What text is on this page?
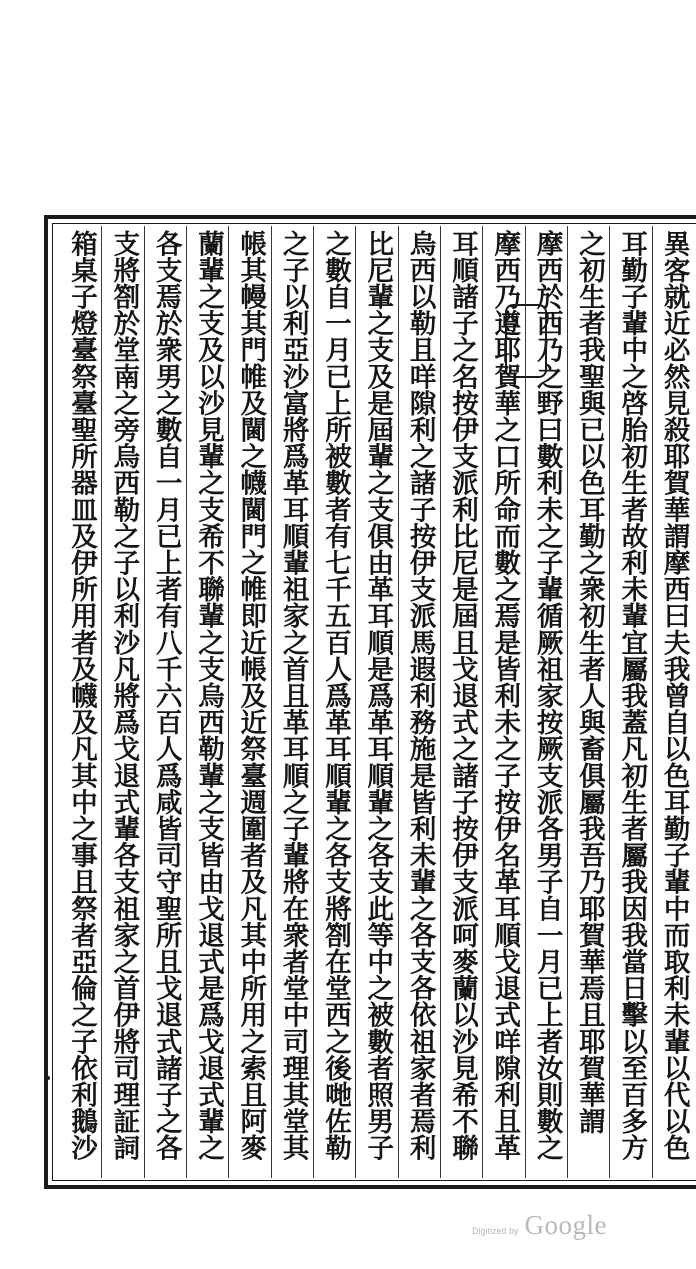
異客就近必然見殺耶賀華謂摩西曰夫我曾自以色耳勤子輩中而取利未輩以代以色
耳勤子輩中之啓胎初生者故利未輩宜屬我蓋凡初生者屬我因我當日擊以至百多方
之初生者我聖與已以色耳勤之衆初生者人與畜俱屬我吾乃耶賀華焉且耶賀華謂
摩西於西乃之野曰數利未之子輩循厥祖家按厥支派各男子自一月已上者汝則數之
摩西乃遵耶賀華之口所命而數之焉是皆利未之子按伊名革耳順戈退式咩隙利且革
耳順諸子之名按伊支派利比尼是屆且戈退式之諸子按伊支派呵麥蘭以沙見希不聯
烏西以勒且咩隙利之諸子按伊支派馬遐利務施是皆利未輩之各支各依祖家者焉利
比尼輩之支及是屆輩之支俱由革耳順是爲革耳順輩之各支此等中之被數者照男子
之數自一月已上所被數者有七千五百人爲革耳順輩之各支將劄在堂西之後哋佐勒
之子以利亞沙富將爲革耳順輩祖家之首且革耳順之子輩將在衆者堂中司理其堂其
帳其幔其門帷及閫之幭閫門之帷即近帳及近祭臺週圍者及凡其中所用之索且阿麥
蘭輩之支及以沙見輩之支希不聯輩之支烏西勒輩之支皆由戈退式是爲戈退式輩之
各支焉於衆男之數自一月已上者有八千六百人爲咸皆司守聖所且戈退式諸子之各
支將劄於堂南之旁烏西勒之子以利沙凡將爲戈退式輩各支祖家之首伊將司理証詞
箱桌子燈臺祭臺聖所器皿及伊所用者及幭及凡其中之事且祭者亞倫之子依利鵝沙
Digitized by Google
